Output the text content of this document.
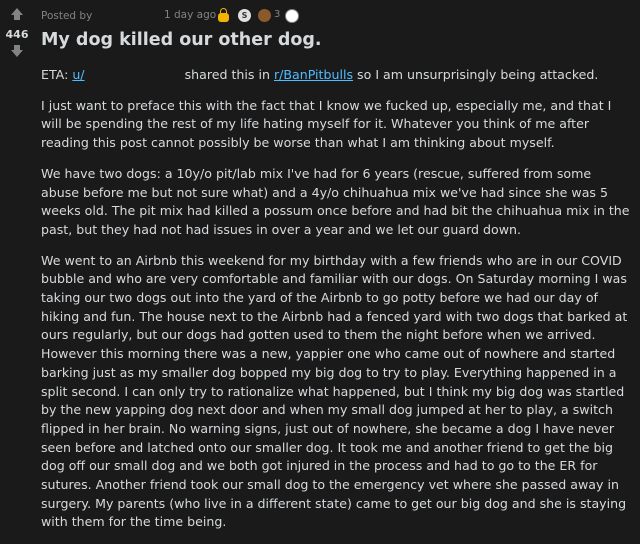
446
Posted by	1 day ago	S	3
My dog killed our other dog.

ETA: u/	shared this in r/BanPitbulls so I am unsurprisingly being attacked.

I just want to preface this with the fact that I know we fucked up, especially me, and that I will be spending the rest of my life hating myself for it. Whatever you think of me after reading this post cannot possibly be worse than what I am thinking about myself.

We have two dogs: a 10y/o pit/lab mix I've had for 6 years (rescue, suffered from some abuse before me but not sure what) and a 4y/o chihuahua mix we've had since she was 5 weeks old. The pit mix had killed a possum once before and had bit the chihuahua mix in the past, but they had not had issues in over a year and we let our guard down.

We went to an Airbnb this weekend for my birthday with a few friends who are in our COVID bubble and who are very comfortable and familiar with our dogs. On Saturday morning I was taking our two dogs out into the yard of the Airbnb to go potty before we had our day of hiking and fun. The house next to the Airbnb had a fenced yard with two dogs that barked at ours regularly, but our dogs had gotten used to them the night before when we arrived. However this morning there was a new, yappier one who came out of nowhere and started barking just as my smaller dog bopped my big dog to try to play. Everything happened in a split second. I can only try to rationalize what happened, but I think my big dog was startled by the new yapping dog next door and when my small dog jumped at her to play, a switch flipped in her brain. No warning signs, just out of nowhere, she became a dog I have never seen before and latched onto our smaller dog. It took me and another friend to get the big dog off our small dog and we both got injured in the process and had to go to the ER for sutures. Another friend took our small dog to the emergency vet where she passed away in surgery. My parents (who live in a different state) came to get our big dog and she is staying with them for the time being.
